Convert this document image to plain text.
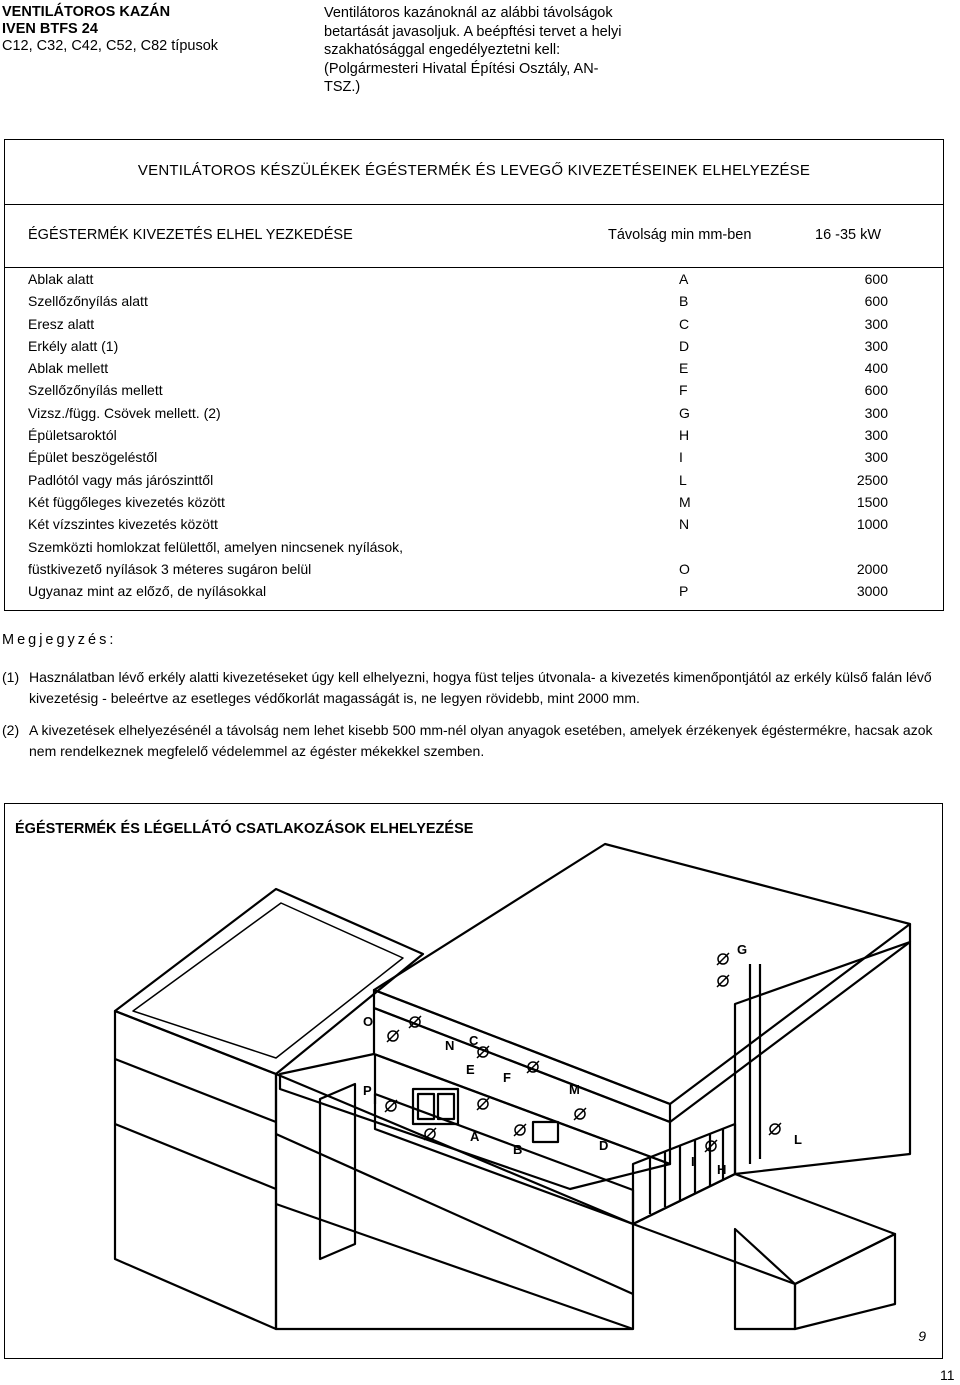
VENTILÁTOROS KAZÁN
IVEN BTFS 24
C12, C32, C42, C52, C82 típusok
Ventilátoros kazánoknál az alábbi távolságok betartását javasoljuk. A beépftési tervet a helyi szakhatósággal engedélyeztetni kell: (Polgármesteri Hivatal Építési Osztály, AN-TSZ.)
VENTILÁTOROS KÉSZÜLÉKEK ÉGÉSTERMÉK ÉS LEVEGŐ KIVEZETÉSEINEK ELHELYEZÉSE
ÉGÉSTERMÉK KIVEZETÉS ELHEL YEZKEDÉSE	Távolság min mm-ben	16 -35 kW
Ablak alatt	A	600
Szellőzőnyílás alatt	B	600
Eresz alatt	C	300
Erkély alatt (1)	D	300
Ablak mellett	E	400
Szellőzőnyílás mellett	F	600
Vizsz./függ. Csövek mellett. (2)	G	300
Épületsaroktól	H	300
Épület beszögeléstől	I	300
Padlótól vagy más járószinttől	L	2500
Két függőleges kivezetés között	M	1500
Két vízszintes kivezetés között	N	1000
Szemközti homlokzat felülettől, amelyen nincsenek nyílások,
füstkivezető nyílások 3 méteres sugáron belül	O	2000
Ugyanaz mint az előző, de nyílásokkal	P	3000
Megjegyzés:
(1) Használatban lévő erkély alatti kivezetéseket úgy kell elhelyezni, hogya füst teljes útvonala- a kivezetés kimenőpontjától az erkély külső falán lévő kivezetésig - beleértve az esetleges védőkorlát magasságát is, ne legyen rövidebb, mint 2000 mm.
(2) A kivezetések elhelyezésénél a távolság nem lehet kisebb 500 mm-nél olyan anyagok esetében, amelyek érzékenyek égéstermékre, hacsak azok nem rendelkeznek megfelelő védelemmel az égéster mékekkel szemben.
ÉGÉSTERMÉK ÉS LÉGELLÁTÓ CSATLAKOZÁSOK ELHELYEZÉSE
O
N C
E
F
M
P
A
B	D
G
I
H
L
9
11
